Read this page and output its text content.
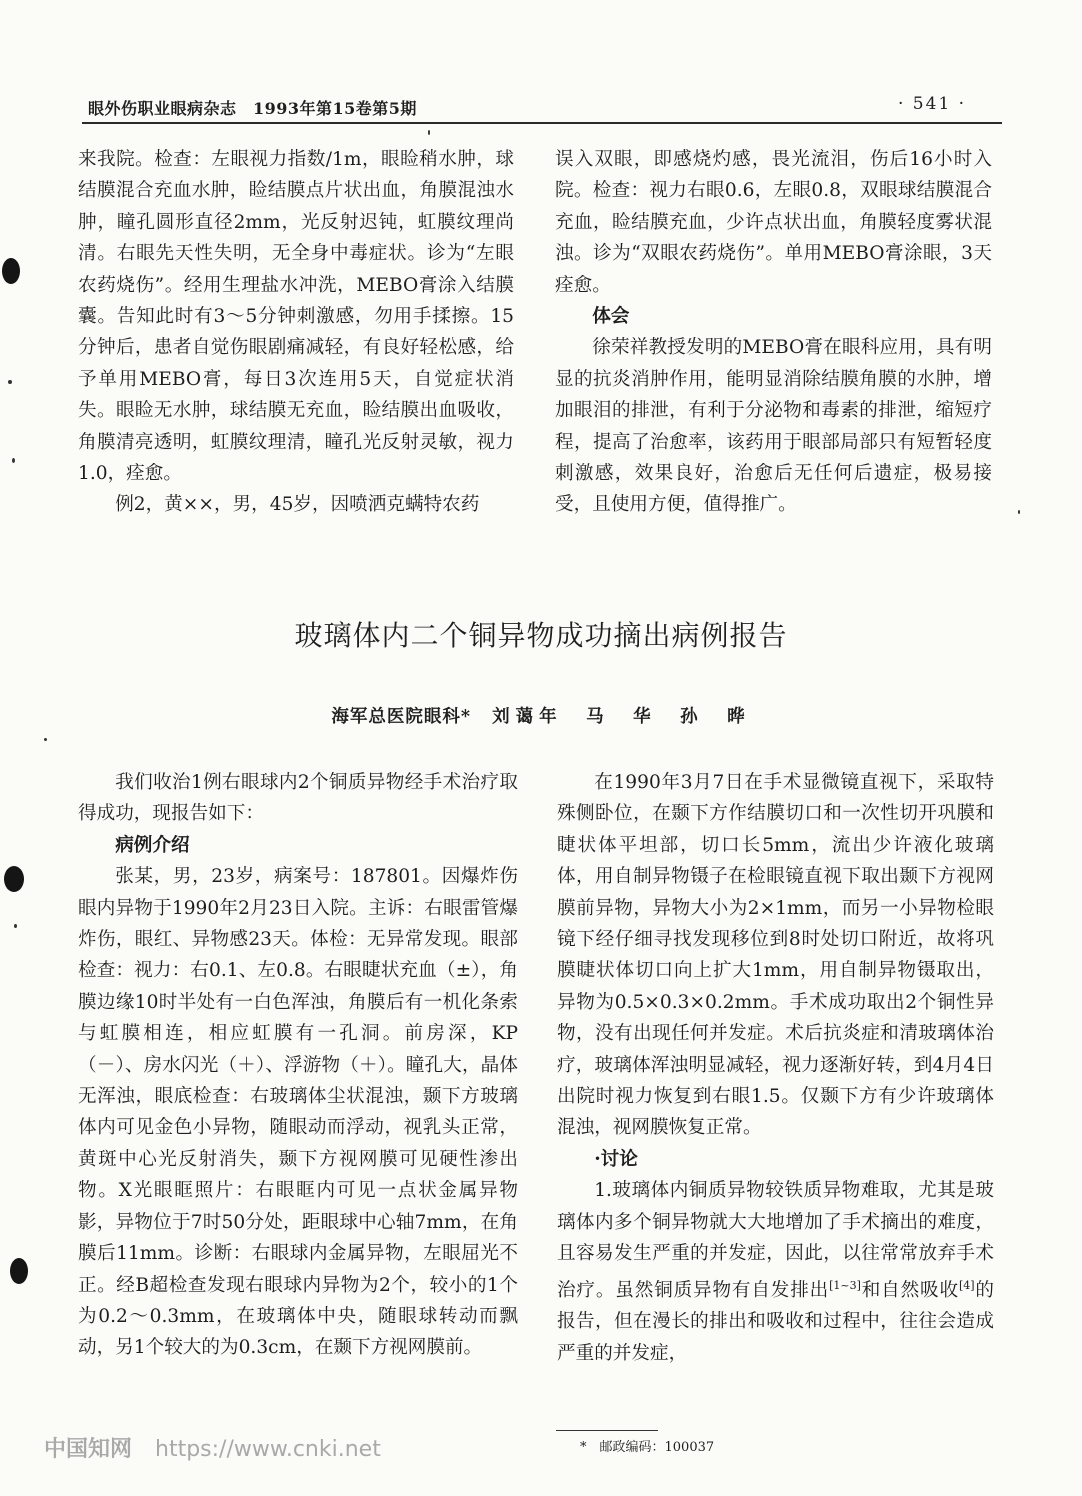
眼外伤职业眼病杂志　1993年第15卷第5期	· 541 ·

来我院。检查：左眼视力指数/1m，眼睑稍水肿，球结膜混合充血水肿，睑结膜点片状出血，角膜混浊水肿，瞳孔圆形直径2mm，光反射迟钝，虹膜纹理尚清。右眼先天性失明，无全身中毒症状。诊为“左眼农药烧伤”。经用生理盐水冲洗，MEBO膏涂入结膜囊。告知此时有3～5分钟刺激感，勿用手揉擦。15分钟后，患者自觉伤眼剧痛减轻，有良好轻松感，给予单用MEBO膏，每日3次连用5天，自觉症状消失。眼睑无水肿，球结膜无充血，睑结膜出血吸收，角膜清亮透明，虹膜纹理清，瞳孔光反射灵敏，视力1.0，痊愈。

例2，黄××，男，45岁，因喷洒克螨特农药

误入双眼，即感烧灼感，畏光流泪，伤后16小时入院。检查：视力右眼0.6，左眼0.8，双眼球结膜混合充血，睑结膜充血，少许点状出血，角膜轻度雾状混浊。诊为“双眼农药烧伤”。单用MEBO膏涂眼，3天痊愈。

体会

徐荣祥教授发明的MEBO膏在眼科应用，具有明显的抗炎消肿作用，能明显消除结膜角膜的水肿，增加眼泪的排泄，有利于分泌物和毒素的排泄，缩短疗程，提高了治愈率，该药用于眼部局部只有短暂轻度刺激感，效果良好，治愈后无任何后遗症，极易接受，且使用方便，值得推广。

玻璃体内二个铜异物成功摘出病例报告
海军总医院眼科* 刘蔼年　马　华　孙　晔

我们收治1例右眼球内2个铜质异物经手术治疗取得成功，现报告如下：

病例介绍

张某，男，23岁，病案号：187801。因爆炸伤眼内异物于1990年2月23日入院。主诉：右眼雷管爆炸伤，眼红、异物感23天。体检：无异常发现。眼部检查：视力：右0.1、左0.8。右眼睫状充血（±），角膜边缘10时半处有一白色浑浊，角膜后有一机化条索与虹膜相连，相应虹膜有一孔洞。前房深，KP（－）、房水闪光（＋）、浮游物（＋）。瞳孔大，晶体无浑浊，眼底检查：右玻璃体尘状混浊，颞下方玻璃体内可见金色小异物，随眼动而浮动，视乳头正常，黄斑中心光反射消失，颞下方视网膜可见硬性渗出物。X光眼眶照片：右眼眶内可见一点状金属异物影，异物位于7时50分处，距眼球中心轴7mm，在角膜后11mm。诊断：右眼球内金属异物，左眼屈光不正。经B超检查发现右眼球内异物为2个，较小的1个为0.2～0.3mm，在玻璃体中央，随眼球转动而飘动，另1个较大的为0.3cm，在颞下方视网膜前。

在1990年3月7日在手术显微镜直视下，采取特殊侧卧位，在颞下方作结膜切口和一次性切开巩膜和睫状体平坦部，切口长5mm，流出少许液化玻璃体，用自制异物镊子在检眼镜直视下取出颞下方视网膜前异物，异物大小为2×1mm，而另一小异物检眼镜下经仔细寻找发现移位到8时处切口附近，故将巩膜睫状体切口向上扩大1mm，用自制异物镊取出，异物为0.5×0.3×0.2mm。手术成功取出2个铜性异物，没有出现任何并发症。术后抗炎症和清玻璃体治疗，玻璃体浑浊明显减轻，视力逐渐好转，到4月4日出院时视力恢复到右眼1.5。仅颞下方有少许玻璃体混浊，视网膜恢复正常。

·讨论

1.玻璃体内铜质异物较铁质异物难取，尤其是玻璃体内多个铜异物就大大地增加了手术摘出的难度，且容易发生严重的并发症，因此，以往常常放弃手术治疗。虽然铜质异物有自发排出[1~3]和自然吸收[4]的报告，但在漫长的排出和吸收和过程中，往往会造成严重的并发症，

*　邮政编码：100037
中国知网 https://www.cnki.net
